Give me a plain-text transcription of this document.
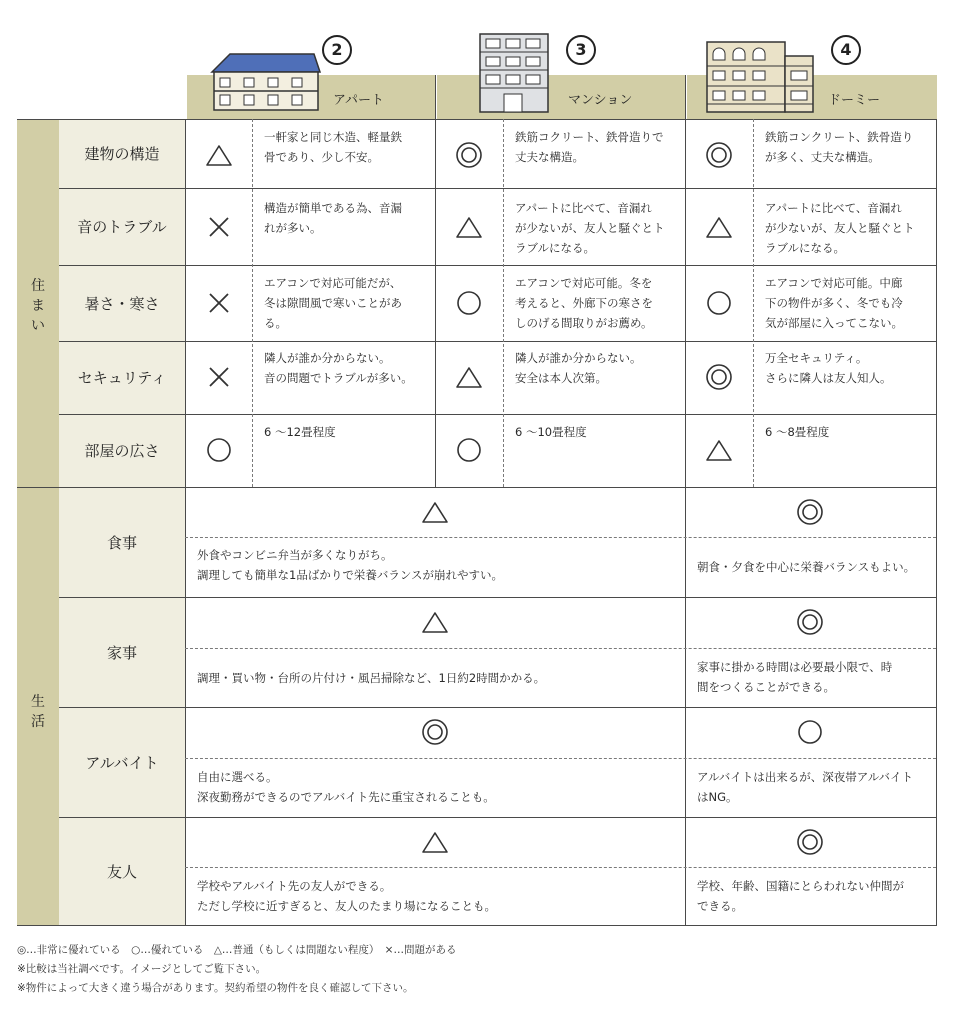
2
アパート
3
マンション
4
ドーミー
住まい
生活
建物の構造
音のトラブル
暑さ・寒さ
セキュリティ
部屋の広さ
食事
家事
アルバイト
友人
一軒家と同じ木造、軽量鉄
骨であり、少し不安。
鉄筋コクリート、鉄骨造りで
丈夫な構造。
鉄筋コンクリート、鉄骨造り
が多く、丈夫な構造。
構造が簡単である為、音漏
れが多い。
アパートに比べて、音漏れ
が少ないが、友人と騒ぐとト
ラブルになる。
アパートに比べて、音漏れ
が少ないが、友人と騒ぐとト
ラブルになる。
エアコンで対応可能だが、
冬は隙間風で寒いことがあ
る。
エアコンで対応可能。冬を
考えると、外廊下の寒さを
しのげる間取りがお薦め。
エアコンで対応可能。中廊
下の物件が多く、冬でも冷
気が部屋に入ってこない。
隣人が誰か分からない。
音の問題でトラブルが多い。
隣人が誰か分からない。
安全は本人次第。
万全セキュリティ。
さらに隣人は友人知人。
6 ～12畳程度	6 ～10畳程度	6 ～8畳程度
外食やコンビニ弁当が多くなりがち。
調理しても簡単な1品ばかりで栄養バランスが崩れやすい。
朝食・夕食を中心に栄養バランスもよい。
調理・買い物・台所の片付け・風呂掃除など、1日約2時間かかる。
家事に掛かる時間は必要最小限で、時
間をつくることができる。
自由に選べる。
深夜勤務ができるのでアルバイト先に重宝されることも。
アルバイトは出来るが、深夜帯アルバイト
はNG。
学校やアルバイト先の友人ができる。
ただし学校に近すぎると、友人のたまり場になることも。
学校、年齢、国籍にとらわれない仲間が
できる。
◎…非常に優れている　○…優れている　△…普通（もしくは問題ない程度）　×…問題がある
※比較は当社調べです。イメージとしてご覧下さい。
※物件によって大きく違う場合があります。契約希望の物件を良く確認して下さい。
